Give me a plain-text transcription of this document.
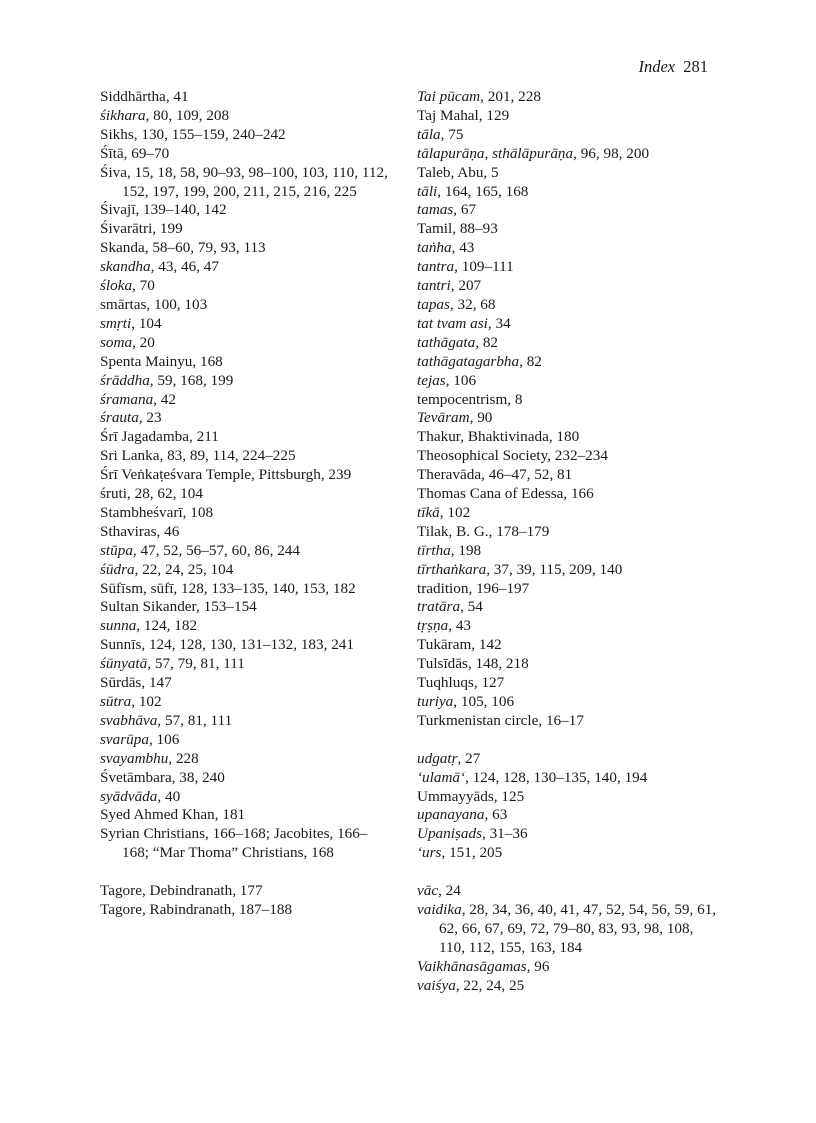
Index 281

Siddhārtha, 41

śikhara, 80, 109, 208

Sikhs, 130, 155–159, 240–242

Śītā, 69–70

Śiva, 15, 18, 58, 90–93, 98–100, 103, 110, 112, 152, 197, 199, 200, 211, 215, 216, 225

Śivajī, 139–140, 142

Śivarātri, 199

Skanda, 58–60, 79, 93, 113

skandha, 43, 46, 47

śloka, 70

smārtas, 100, 103

smṛti, 104

soma, 20

Spenta Mainyu, 168

śrāddha, 59, 168, 199

śramana, 42

śrauta, 23

Śrī Jagadamba, 211

Sri Lanka, 83, 89, 114, 224–225

Śrī Veṅkaṭeśvara Temple, Pittsburgh, 239

śruti, 28, 62, 104

Stambheśvarī, 108

Sthaviras, 46

stūpa, 47, 52, 56–57, 60, 86, 244

śūdra, 22, 24, 25, 104

Sūfīsm, sūfī, 128, 133–135, 140, 153, 182

Sultan Sikander, 153–154

sunna, 124, 182

Sunnīs, 124, 128, 130, 131–132, 183, 241

śūnyatā, 57, 79, 81, 111

Sūrdās, 147

sūtra, 102

svabhāva, 57, 81, 111

svarūpa, 106

svayambhu, 228

Śvetāmbara, 38, 240

syādvāda, 40

Syed Ahmed Khan, 181

Syrian Christians, 166–168; Jacobites, 166–168; “Mar Thoma” Christians, 168

Tagore, Debindranath, 177

Tagore, Rabindranath, 187–188

Tai pūcam, 201, 228

Taj Mahal, 129

tāla, 75

tālapurāṇa, sthālāpurāṇa, 96, 98, 200

Taleb, Abu, 5

tāli, 164, 165, 168

tamas, 67

Tamil, 88–93

taṅha, 43

tantra, 109–111

tantri, 207

tapas, 32, 68

tat tvam asi, 34

tathāgata, 82

tathāgatagarbha, 82

tejas, 106

tempocentrism, 8

Tevāram, 90

Thakur, Bhaktivinada, 180

Theosophical Society, 232–234

Theravāda, 46–47, 52, 81

Thomas Cana of Edessa, 166

tīkā, 102

Tilak, B. G., 178–179

tīrtha, 198

tīrthaṅkara, 37, 39, 115, 209, 140

tradition, 196–197

tratāra, 54

tṛṣṇa, 43

Tukāram, 142

Tulsīdās, 148, 218

Tuqhluqs, 127

turiya, 105, 106

Turkmenistan circle, 16–17

udgatṛ, 27

‘ulamā‘, 124, 128, 130–135, 140, 194

Ummayyāds, 125

upanayana, 63

Upaniṣads, 31–36

‘urs, 151, 205

vāc, 24

vaidika, 28, 34, 36, 40, 41, 47, 52, 54, 56, 59, 61, 62, 66, 67, 69, 72, 79–80, 83, 93, 98, 108, 110, 112, 155, 163, 184

Vaikhānasāgamas, 96

vaiśya, 22, 24, 25
